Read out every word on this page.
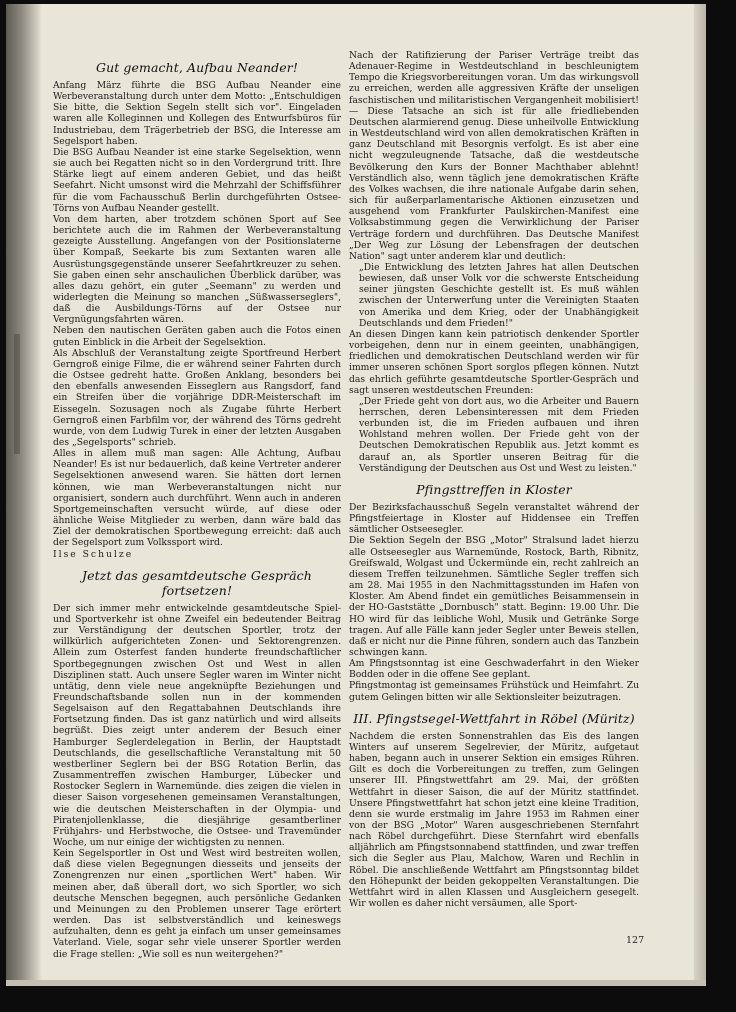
Gut gemacht, Aufbau Neander!

Anfang März führte die BSG Aufbau Neander eine Werbeveranstaltung durch unter dem Motto: „Entschuldigen Sie bitte, die Sektion Segeln stellt sich vor". Eingeladen waren alle Kolleginnen und Kollegen des Entwurfsbüros für Industriebau, dem Trägerbetrieb der BSG, die Interesse am Segelsport haben.

Die BSG Aufbau Neander ist eine starke Segelsektion, wenn sie auch bei Regatten nicht so in den Vordergrund tritt. Ihre Stärke liegt auf einem anderen Gebiet, und das heißt Seefahrt. Nicht umsonst wird die Mehrzahl der Schiffsführer für die vom Fachausschuß Berlin durchgeführten Ostsee-Törns von Aufbau Neander gestellt.

Von dem harten, aber trotzdem schönen Sport auf See berichtete auch die im Rahmen der Werbeveranstaltung gezeigte Ausstellung. Angefangen von der Positionslaterne über Kompaß, Seekarte bis zum Sextanten waren alle Ausrüstungsgegenstände unserer Seefahrtkreuzer zu sehen. Sie gaben einen sehr anschaulichen Überblick darüber, was alles dazu gehört, ein guter „Seemann" zu werden und widerlegten die Meinung so manchen „Süßwasserseglers", daß die Ausbildungs-Törns auf der Ostsee nur Vergnügungsfahrten wären.

Neben den nautischen Geräten gaben auch die Fotos einen guten Einblick in die Arbeit der Segelsektion.

Als Abschluß der Veranstaltung zeigte Sportfreund Herbert Gerngroß einige Filme, die er während seiner Fahrten durch die Ostsee gedreht hatte. Großen Anklang, besonders bei den ebenfalls anwesenden Eisseglern aus Rangsdorf, fand ein Streifen über die vorjährige DDR-Meisterschaft im Eissegeln. Sozusagen noch als Zugabe führte Herbert Gerngroß einen Farbfilm vor, der während des Törns gedreht wurde, von dem Ludwig Turek in einer der letzten Ausgaben des „Segelsports" schrieb.

Alles in allem muß man sagen: Alle Achtung, Aufbau Neander! Es ist nur bedauerlich, daß keine Vertreter anderer Segelsektionen anwesend waren. Sie hätten dort lernen können, wie man Werbeveranstaltungen nicht nur organisiert, sondern auch durchführt. Wenn auch in anderen Sportgemeinschaften versucht würde, auf diese oder ähnliche Weise Mitglieder zu werben, dann wäre bald das Ziel der demokratischen Sportbewegung erreicht: daß auch der Segelsport zum Volkssport wird.

Ilse Schulze

Jetzt das gesamtdeutsche Gespräch fortsetzen!

Der sich immer mehr entwickelnde gesamtdeutsche Spiel- und Sportverkehr ist ohne Zweifel ein bedeutender Beitrag zur Verständigung der deutschen Sportler, trotz der willkürlich aufgerichteten Zonen- und Sektorengrenzen. Allein zum Osterfest fanden hunderte freundschaftlicher Sportbegegnungen zwischen Ost und West in allen Disziplinen statt. Auch unsere Segler waren im Winter nicht untätig, denn viele neue angeknüpfte Beziehungen und Freundschaftsbande sollen nun in der kommenden Segelsaison auf den Regattabahnen Deutschlands ihre Fortsetzung finden. Das ist ganz natürlich und wird allseits begrüßt. Dies zeigt unter anderem der Besuch einer Hamburger Seglerdelegation in Berlin, der Hauptstadt Deutschlands, die gesellschaftliche Veranstaltung mit 50 westberliner Seglern bei der BSG Rotation Berlin, das Zusammentreffen zwischen Hamburger, Lübecker und Rostocker Seglern in Warnemünde. dies zeigen die vielen in dieser Saison vorgesehenen gemeinsamen Veranstaltungen, wie die deutschen Meisterschaften in der Olympia- und Piratenjollenklasse, die diesjährige gesamtberliner Frühjahrs- und Herbstwoche, die Ostsee- und Travemünder Woche, um nur einige der wichtigsten zu nennen.

Kein Segelsportler in Ost und West wird bestreiten wollen, daß diese vielen Begegnungen diesseits und jenseits der Zonengrenzen nur einen „sportlichen Wert" haben. Wir meinen aber, daß überall dort, wo sich Sportler, wo sich deutsche Menschen begegnen, auch persönliche Gedanken und Meinungen zu den Problemen unserer Tage erörtert werden. Das ist selbstverständlich und keineswegs aufzuhalten, denn es geht ja einfach um unser gemeinsames Vaterland. Viele, sogar sehr viele unserer Sportler werden die Frage stellen: „Wie soll es nun weitergehen?"

Nach der Ratifizierung der Pariser Verträge treibt das Adenauer-Regime in Westdeutschland in beschleunigtem Tempo die Kriegsvorbereitungen voran. Um das wirkungsvoll zu erreichen, werden alle aggressiven Kräfte der unseligen faschistischen und militaristischen Vergangenheit mobilisiert! — Diese Tatsache an sich ist für alle friedliebenden Deutschen alarmierend genug. Diese unheilvolle Entwicklung in Westdeutschland wird von allen demokratischen Kräften in ganz Deutschland mit Besorgnis verfolgt. Es ist aber eine nicht wegzuleugnende Tatsache, daß die westdeutsche Bevölkerung den Kurs der Bonner Machthaber ablehnt! Verständlich also, wenn täglich jene demokratischen Kräfte des Volkes wachsen, die ihre nationale Aufgabe darin sehen, sich für außerparlamentarische Aktionen einzusetzen und ausgehend vom Frankfurter Paulskirchen-Manifest eine Volksabstimmung gegen die Verwirklichung der Pariser Verträge fordern und durchführen. Das Deutsche Manifest „Der Weg zur Lösung der Lebensfragen der deutschen Nation" sagt unter anderem klar und deutlich:

„Die Entwicklung des letzten Jahres hat allen Deutschen bewiesen, daß unser Volk vor die schwerste Entscheidung seiner jüngsten Geschichte gestellt ist. Es muß wählen zwischen der Unterwerfung unter die Vereinigten Staaten von Amerika und dem Krieg, oder der Unabhängigkeit Deutschlands und dem Frieden!"

An diesen Dingen kann kein patriotisch denkender Sportler vorbeigehen, denn nur in einem geeinten, unabhängigen, friedlichen und demokratischen Deutschland werden wir für immer unseren schönen Sport sorglos pflegen können. Nutzt das ehrlich geführte gesamtdeutsche Sportler-Gespräch und sagt unseren westdeutschen Freunden:

„Der Friede geht von dort aus, wo die Arbeiter und Bauern herrschen, deren Lebensinteressen mit dem Frieden verbunden ist, die im Frieden aufbauen und ihren Wohlstand mehren wollen. Der Friede geht von der Deutschen Demokratischen Republik aus. Jetzt kommt es darauf an, als Sportler unseren Beitrag für die Verständigung der Deutschen aus Ost und West zu leisten."

Pfingsttreffen in Kloster

Der Bezirksfachausschuß Segeln veranstaltet während der Pfingstfeiertage in Kloster auf Hiddensee ein Treffen sämtlicher Ostseesegler.

Die Sektion Segeln der BSG „Motor" Stralsund ladet hierzu alle Ostseesegler aus Warnemünde, Rostock, Barth, Ribnitz, Greifswald, Wolgast und Ückermünde ein, recht zahlreich an diesem Treffen teilzunehmen. Sämtliche Segler treffen sich am 28. Mai 1955 in den Nachmittagsstunden im Hafen von Kloster. Am Abend findet ein gemütliches Beisammensein in der HO-Gaststätte „Dornbusch" statt. Beginn: 19.00 Uhr. Die HO wird für das leibliche Wohl, Musik und Getränke Sorge tragen. Auf alle Fälle kann jeder Segler unter Beweis stellen, daß er nicht nur die Pinne führen, sondern auch das Tanzbein schwingen kann.

Am Pfingstsonntag ist eine Geschwaderfahrt in den Wieker Bodden oder in die offene See geplant.

Pfingstmontag ist gemeinsames Frühstück und Heimfahrt. Zu gutem Gelingen bitten wir alle Sektionsleiter beizutragen.

III. Pfingstsegel-Wettfahrt in Röbel (Müritz)

Nachdem die ersten Sonnenstrahlen das Eis des langen Winters auf unserem Segelrevier, der Müritz, aufgetaut haben, begann auch in unserer Sektion ein emsiges Rühren. Gilt es doch die Vorbereitungen zu treffen, zum Gelingen unserer III. Pfingstwettfahrt am 29. Mai, der größten Wettfahrt in dieser Saison, die auf der Müritz stattfindet. Unsere Pfingstwettfahrt hat schon jetzt eine kleine Tradition, denn sie wurde erstmalig im Jahre 1953 im Rahmen einer von der BSG „Motor" Waren ausgeschriebenen Sternfahrt nach Röbel durchgeführt. Diese Sternfahrt wird ebenfalls alljährlich am Pfingstsonnabend stattfinden, und zwar treffen sich die Segler aus Plau, Malchow, Waren und Rechlin in Röbel. Die anschließende Wettfahrt am Pfingstsonntag bildet den Höhepunkt der beiden gekoppelten Veranstaltungen. Die Wettfahrt wird in allen Klassen und Ausgleichern gesegelt. Wir wollen es daher nicht versäumen, alle Sport-

127
